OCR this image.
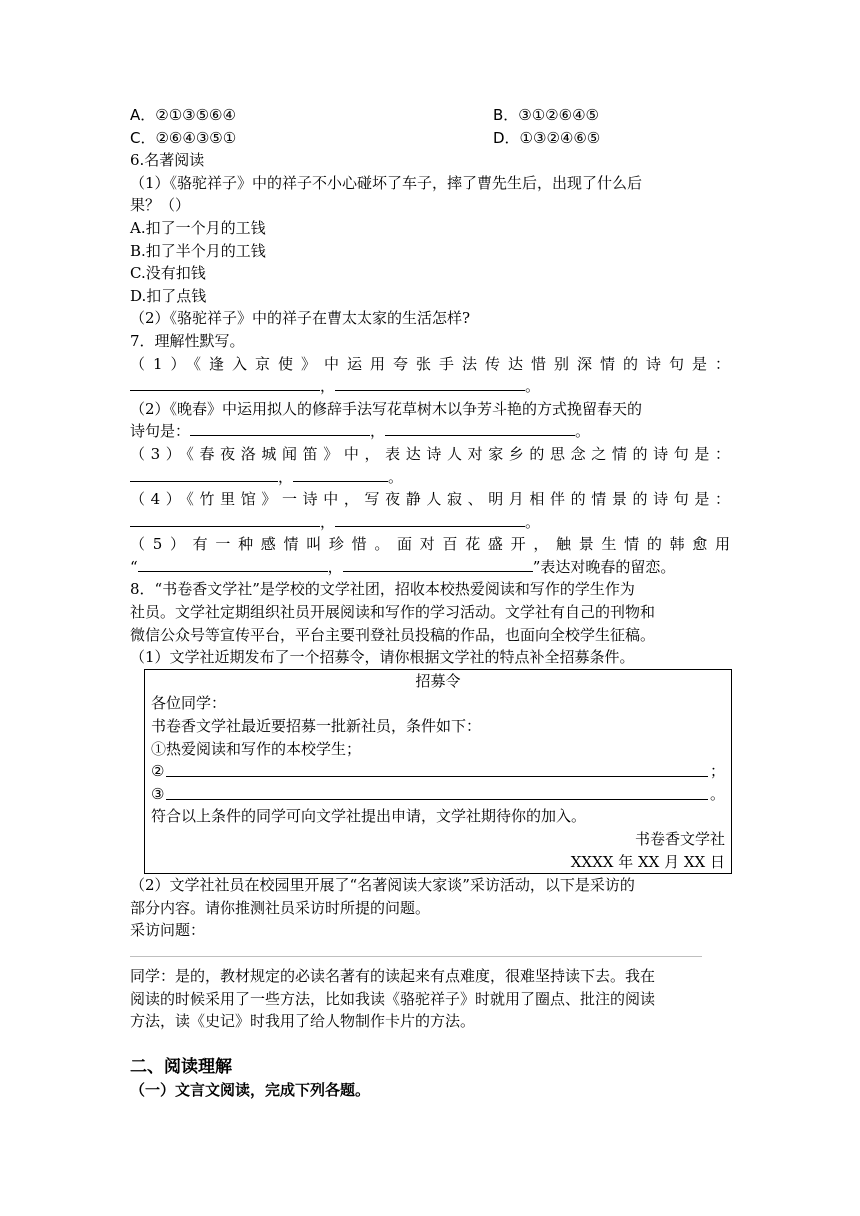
A．②①③⑤⑥④	B．③①②⑥④⑤
C．②⑥④③⑤①	D．①③②④⑥⑤
6.名著阅读
（1）《骆驼祥子》中的祥子不小心碰坏了车子，摔了曹先生后，出现了什么后
果？（）
A.扣了一个月的工钱
B.扣了半个月的工钱
C.没有扣钱
D.扣了点钱
（2）《骆驼祥子》中的祥子在曹太太家的生活怎样?
7．理解性默写。
（1）《逢入京使》中运用夸张手法传达惜别深情的诗句是：
，	。
（2）《晚春》中运用拟人的修辞手法写花草树木以争芳斗艳的方式挽留春天的
诗句是：	，	。
（3）《春夜洛城闻笛》中，表达诗人对家乡的思念之情的诗句是：
，	。
（4）《竹里馆》一诗中，写夜静人寂、明月相伴的情景的诗句是：
，	。
（5）有一种感情叫珍惜。面对百花盛开，触景生情的韩愈用
“	，	”表达对晚春的留恋。
8．“书卷香文学社”是学校的文学社团，招收本校热爱阅读和写作的学生作为
社员。文学社定期组织社员开展阅读和写作的学习活动。文学社有自己的刊物和
微信公众号等宣传平台，平台主要刊登社员投稿的作品，也面向全校学生征稿。
（1）文学社近期发布了一个招募令，请你根据文学社的特点补全招募条件。
招募令
各位同学：
书卷香文学社最近要招募一批新社员，条件如下：
①热爱阅读和写作的本校学生；
②	；
③	。
符合以上条件的同学可向文学社提出申请，文学社期待你的加入。
书卷香文学社
XXXX 年 XX 月 XX 日
（2）文学社社员在校园里开展了“名著阅读大家谈”采访活动，以下是采访的
部分内容。请你推测社员采访时所提的问题。
采访问题：
同学：是的，教材规定的必读名著有的读起来有点难度，很难坚持读下去。我在
阅读的时候采用了一些方法，比如我读《骆驼祥子》时就用了圈点、批注的阅读
方法，读《史记》时我用了给人物制作卡片的方法。
二、阅读理解
（一）文言文阅读，完成下列各题。
